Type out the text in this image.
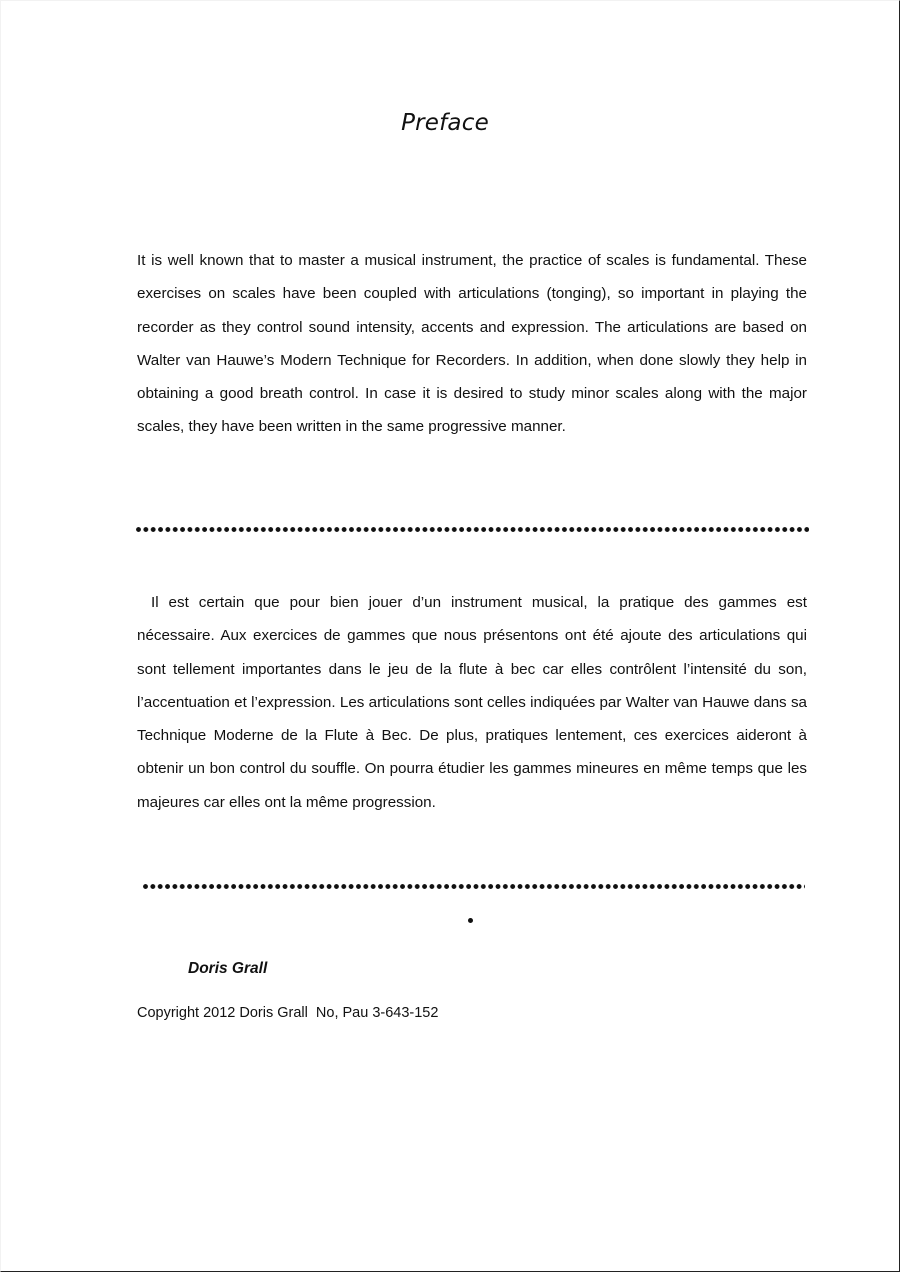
Preface

It is well known that to master a musical instrument, the practice of scales is fundamental. These exercises on scales have been coupled with articulations (tonging), so important in playing the recorder as they control sound intensity, accents and expression. The articulations are based on Walter van Hauwe’s Modern Technique for Recorders. In addition, when done slowly they help in obtaining a good breath control. In case it is desired to study minor scales along with the major scales, they have been written in the same progressive manner.

Il est certain que pour bien jouer d’un instrument musical, la pratique des gammes est nécessaire. Aux exercices de gammes que nous présentons ont été ajoute des articulations qui sont tellement importantes dans le jeu de la flute à bec car elles contrôlent l’intensité du son, l’accentuation et l’expression. Les articulations sont celles indiquées par Walter van Hauwe dans sa Technique Moderne de la Flute à Bec. De plus, pratiques lentement, ces exercices aideront à obtenir un bon control du souffle. On pourra étudier les gammes mineures en même temps que les majeures car elles ont la même progression.

Doris Grall
Copyright 2012 Doris Grall  No, Pau 3-643-152
